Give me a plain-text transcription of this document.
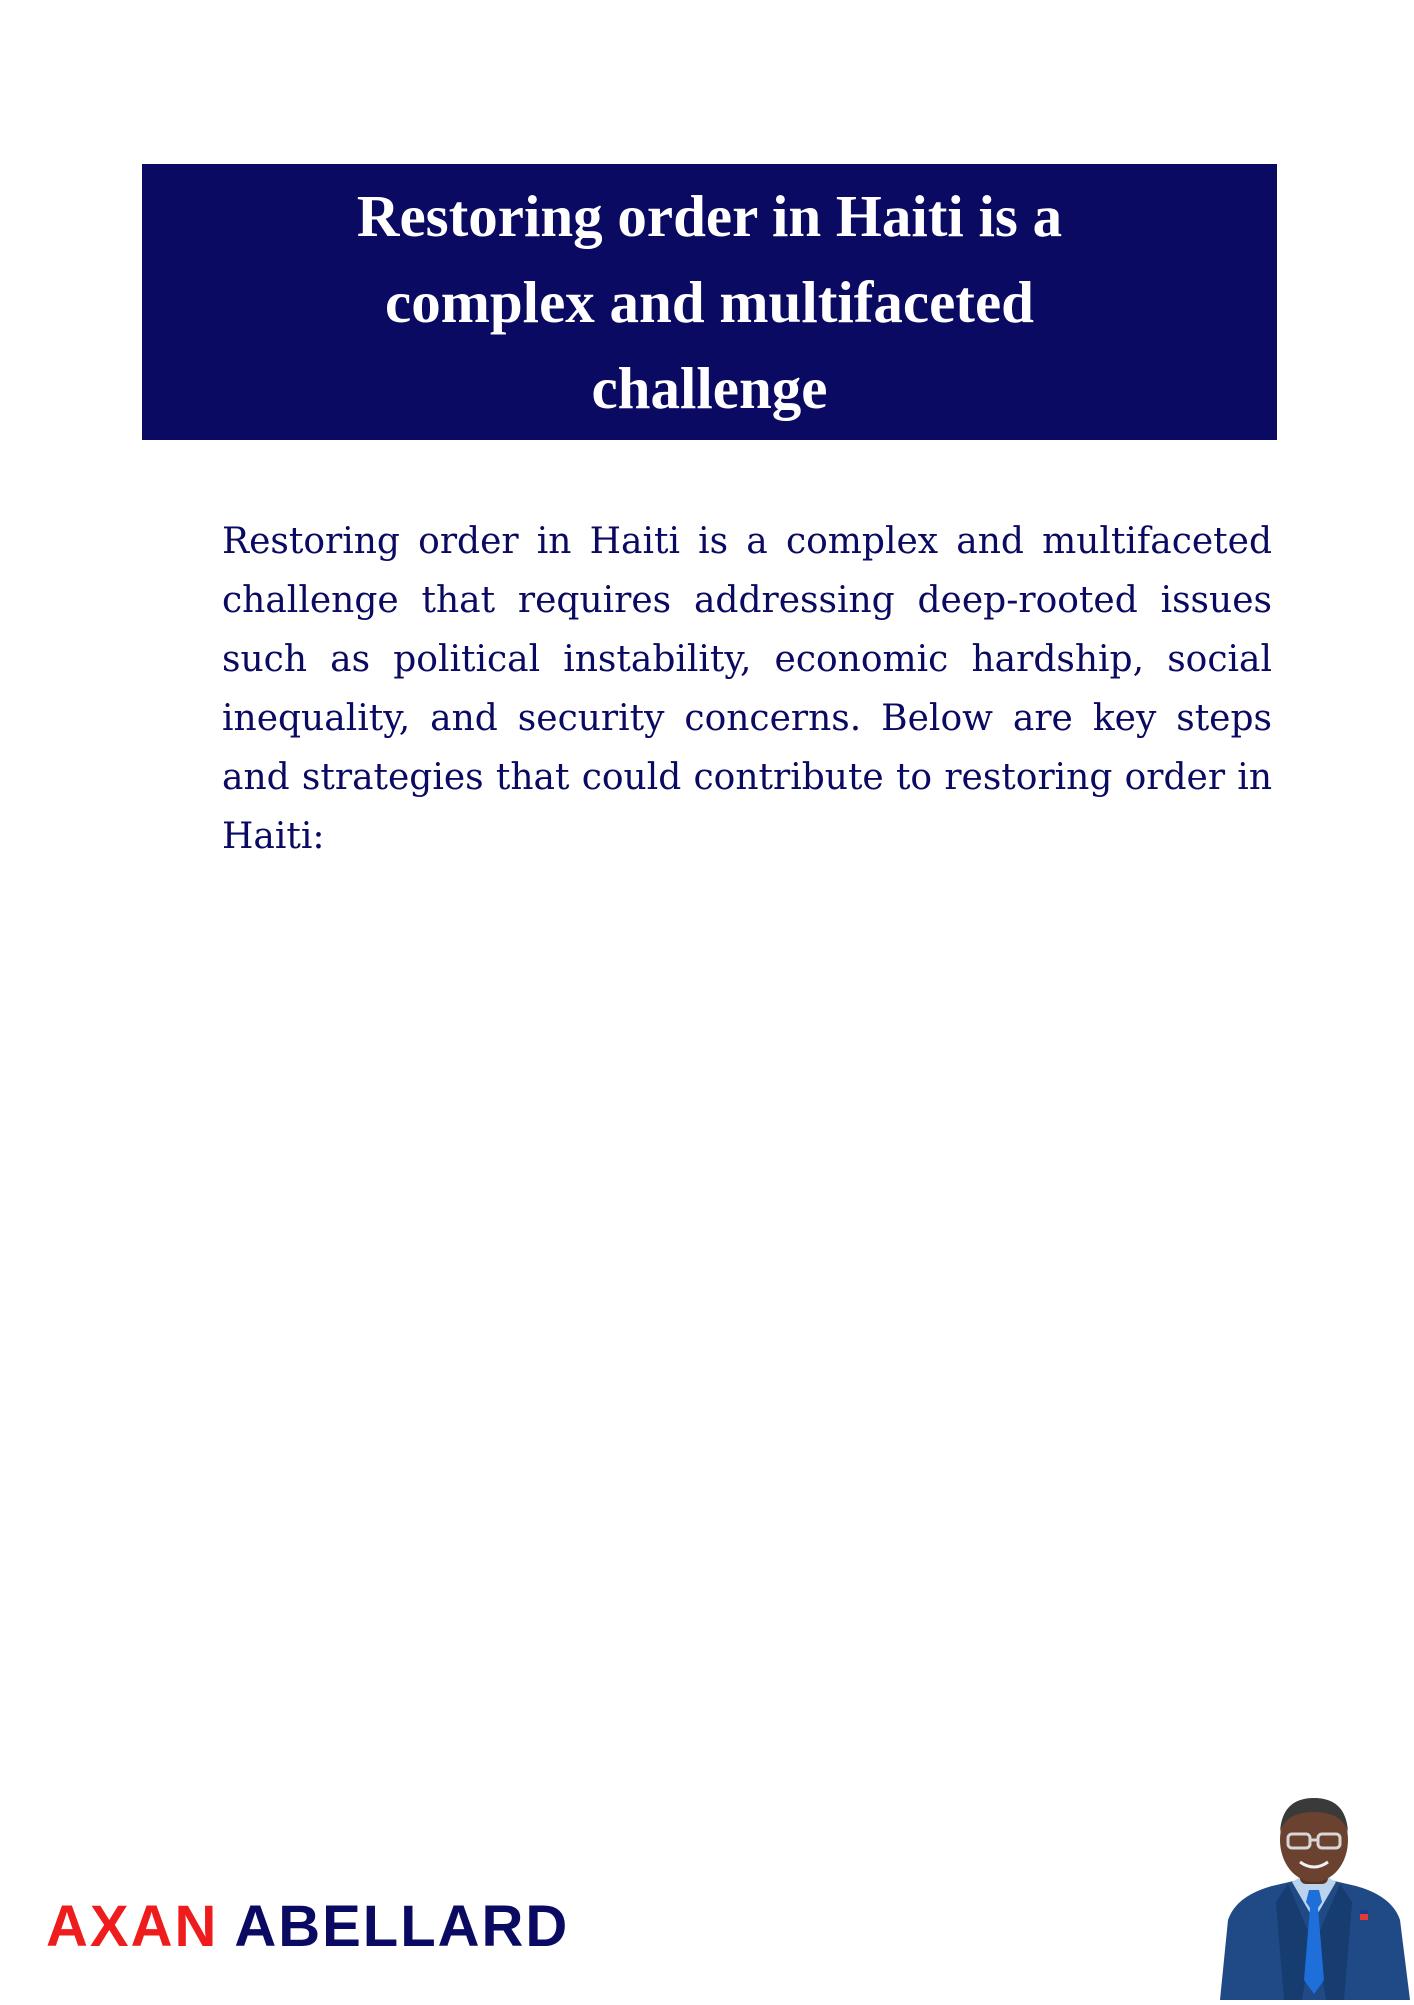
Restoring order in Haiti is a complex and multifaceted challenge

Restoring order in Haiti is a complex and multifaceted challenge that requires addressing deep-rooted issues such as political instability, economic hardship, social inequality, and security concerns. Below are key steps and strategies that could contribute to restoring order in Haiti:

AXAN ABELLARD
